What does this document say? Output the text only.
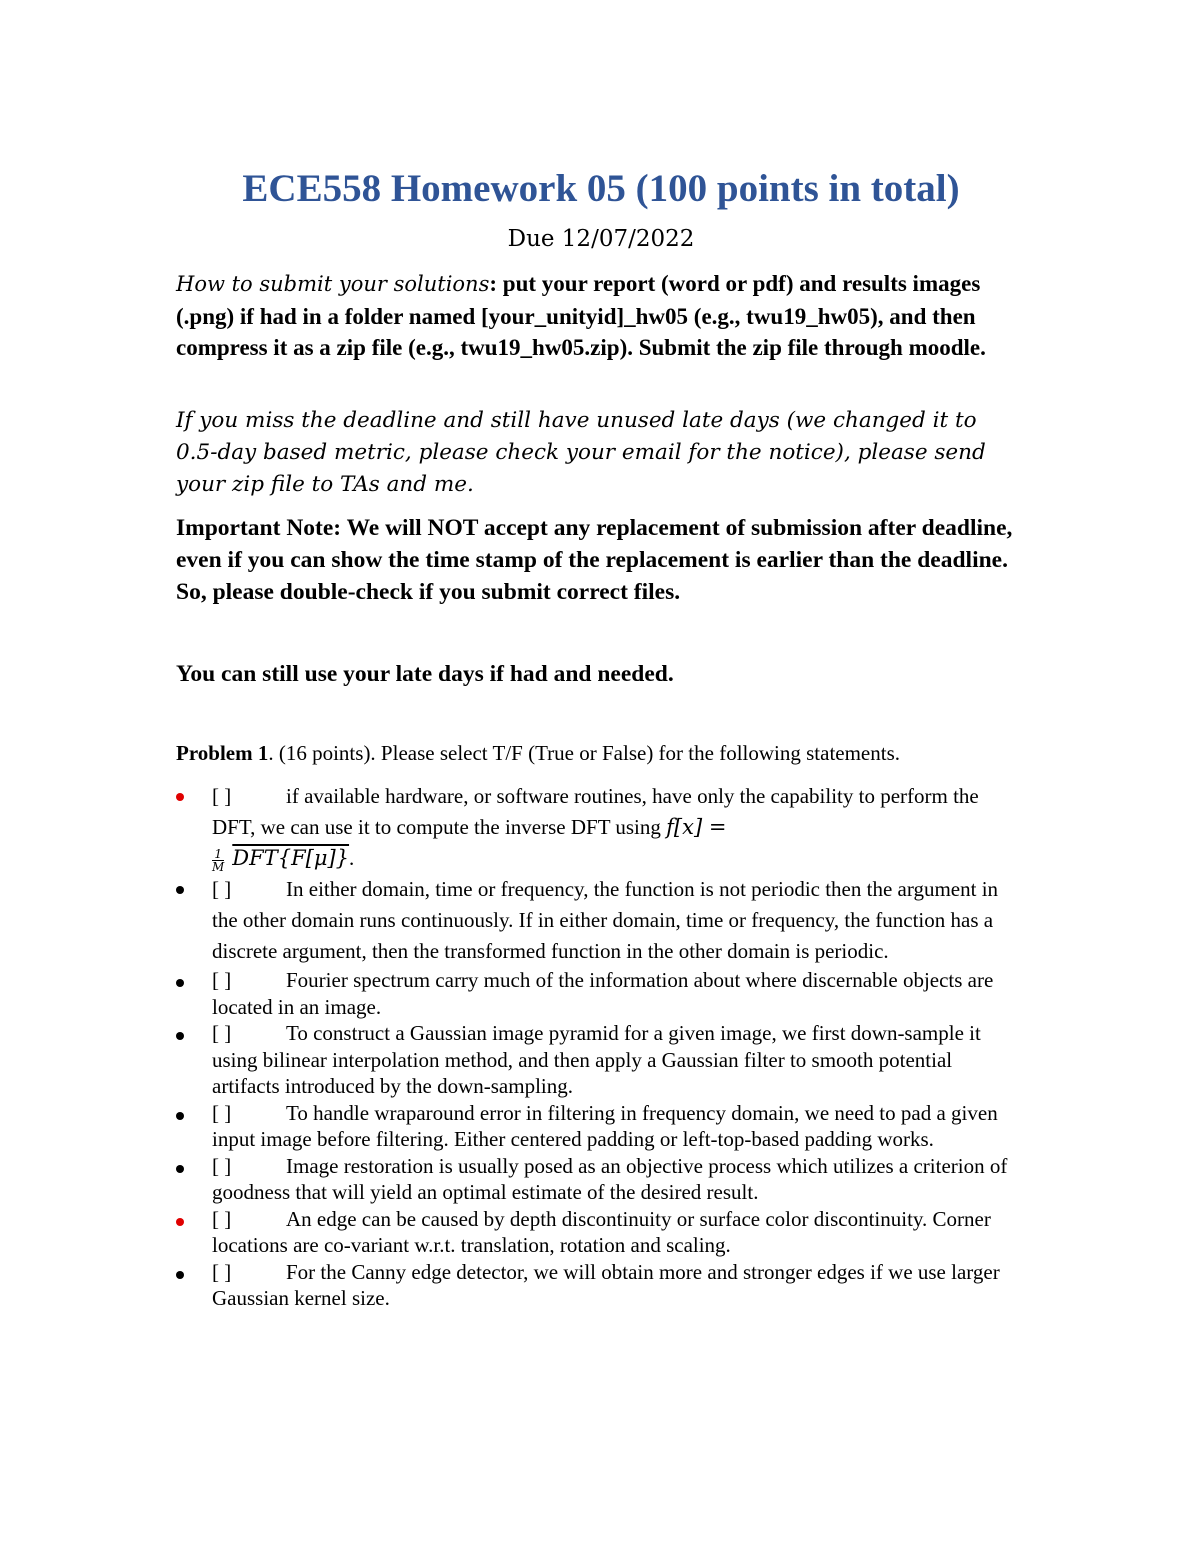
ECE558 Homework 05 (100 points in total)
Due 12/07/2022
How to submit your solutions: put your report (word or pdf) and results images (.png) if had in a folder named [your_unityid]_hw05 (e.g., twu19_hw05), and then compress it as a zip file (e.g., twu19_hw05.zip). Submit the zip file through moodle.
If you miss the deadline and still have unused late days (we changed it to 0.5-day based metric, please check your email for the notice), please send your zip file to TAs and me.
Important Note: We will NOT accept any replacement of submission after deadline, even if you can show the time stamp of the replacement is earlier than the deadline. So, please double-check if you submit correct files.
You can still use your late days if had and needed.
Problem 1. (16 points). Please select T/F (True or False) for the following statements.
[ ]	if available hardware, or software routines, have only the capability to perform the DFT, we can use it to compute the inverse DFT using f[x] =

$\frac{1}{M} DFT\{F[\mu]\}$.
[ ]	In either domain, time or frequency, the function is not periodic then the argument in the other domain runs continuously. If in either domain, time or frequency, the function has a discrete argument, then the transformed function in the other domain is periodic.
[ ]	Fourier spectrum carry much of the information about where discernable objects are located in an image.
[ ]	To construct a Gaussian image pyramid for a given image, we first down-sample it using bilinear interpolation method, and then apply a Gaussian filter to smooth potential artifacts introduced by the down-sampling.
[ ]	To handle wraparound error in filtering in frequency domain, we need to pad a given input image before filtering. Either centered padding or left-top-based padding works.
[ ]	Image restoration is usually posed as an objective process which utilizes a criterion of goodness that will yield an optimal estimate of the desired result.
[ ]	An edge can be caused by depth discontinuity or surface color discontinuity. Corner locations are co-variant w.r.t. translation, rotation and scaling.
[ ]	For the Canny edge detector, we will obtain more and stronger edges if we use larger Gaussian kernel size.
